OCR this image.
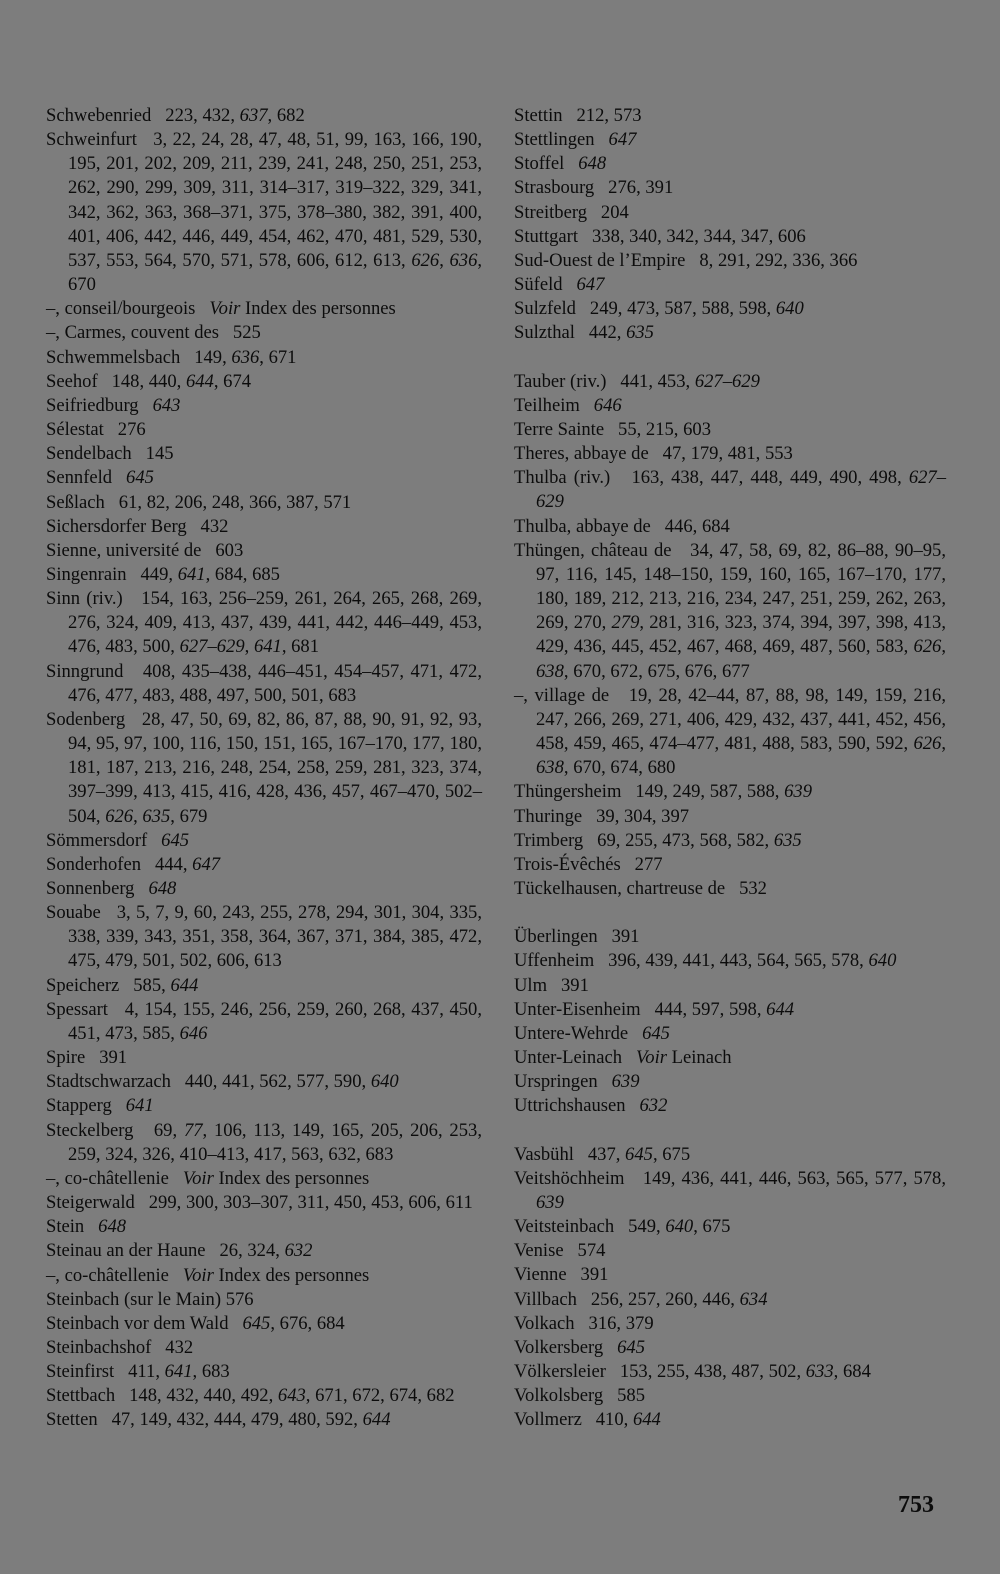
Schwebenried   223, 432, 637, 682
Schweinfurt   3, 22, 24, 28, 47, 48, 51, 99, 163, 166, 190, 195, 201, 202, 209, 211, 239, 241, 248, 250, 251, 253, 262, 290, 299, 309, 311, 314–317, 319–322, 329, 341, 342, 362, 363, 368–371, 375, 378–380, 382, 391, 400, 401, 406, 442, 446, 449, 454, 462, 470, 481, 529, 530, 537, 553, 564, 570, 571, 578, 606, 612, 613, 626, 636, 670
–, conseil/bourgeois   Voir Index des personnes
–, Carmes, couvent des   525
Schwemmelsbach   149, 636, 671
Seehof   148, 440, 644, 674
Seifriedburg   643
Sélestat   276
Sendelbach   145
Sennfeld   645
Seßlach   61, 82, 206, 248, 366, 387, 571
Sichersdorfer Berg   432
Sienne, université de   603
Singenrain   449, 641, 684, 685
Sinn (riv.)   154, 163, 256–259, 261, 264, 265, 268, 269, 276, 324, 409, 413, 437, 439, 441, 442, 446–449, 453, 476, 483, 500, 627–629, 641, 681
Sinngrund   408, 435–438, 446–451, 454–457, 471, 472, 476, 477, 483, 488, 497, 500, 501, 683
Sodenberg   28, 47, 50, 69, 82, 86, 87, 88, 90, 91, 92, 93, 94, 95, 97, 100, 116, 150, 151, 165, 167–170, 177, 180, 181, 187, 213, 216, 248, 254, 258, 259, 281, 323, 374, 397–399, 413, 415, 416, 428, 436, 457, 467–470, 502–504, 626, 635, 679
Sömmersdorf   645
Sonderhofen   444, 647
Sonnenberg   648
Souabe   3, 5, 7, 9, 60, 243, 255, 278, 294, 301, 304, 335, 338, 339, 343, 351, 358, 364, 367, 371, 384, 385, 472, 475, 479, 501, 502, 606, 613
Speicherz   585, 644
Spessart   4, 154, 155, 246, 256, 259, 260, 268, 437, 450, 451, 473, 585, 646
Spire   391
Stadtschwarzach   440, 441, 562, 577, 590, 640
Stapperg   641
Steckelberg   69, 77, 106, 113, 149, 165, 205, 206, 253, 259, 324, 326, 410–413, 417, 563, 632, 683
–, co-châtellenie   Voir Index des personnes
Steigerwald   299, 300, 303–307, 311, 450, 453, 606, 611
Stein   648
Steinau an der Haune   26, 324, 632
–, co-châtellenie   Voir Index des personnes
Steinbach (sur le Main) 576
Steinbach vor dem Wald   645, 676, 684
Steinbachshof   432
Steinfirst   411, 641, 683
Stettbach   148, 432, 440, 492, 643, 671, 672, 674, 682
Stetten   47, 149, 432, 444, 479, 480, 592, 644
Stettin   212, 573
Stettlingen   647
Stoffel   648
Strasbourg   276, 391
Streitberg   204
Stuttgart   338, 340, 342, 344, 347, 606
Sud-Ouest de l’Empire   8, 291, 292, 336, 366
Süfeld   647
Sulzfeld   249, 473, 587, 588, 598, 640
Sulzthal   442, 635
Tauber (riv.)   441, 453, 627–629
Teilheim   646
Terre Sainte   55, 215, 603
Theres, abbaye de   47, 179, 481, 553
Thulba (riv.)   163, 438, 447, 448, 449, 490, 498, 627–629
Thulba, abbaye de   446, 684
Thüngen, château de   34, 47, 58, 69, 82, 86–88, 90–95, 97, 116, 145, 148–150, 159, 160, 165, 167–170, 177, 180, 189, 212, 213, 216, 234, 247, 251, 259, 262, 263, 269, 270, 279, 281, 316, 323, 374, 394, 397, 398, 413, 429, 436, 445, 452, 467, 468, 469, 487, 560, 583, 626, 638, 670, 672, 675, 676, 677
–, village de   19, 28, 42–44, 87, 88, 98, 149, 159, 216, 247, 266, 269, 271, 406, 429, 432, 437, 441, 452, 456, 458, 459, 465, 474–477, 481, 488, 583, 590, 592, 626, 638, 670, 674, 680
Thüngersheim   149, 249, 587, 588, 639
Thuringe   39, 304, 397
Trimberg   69, 255, 473, 568, 582, 635
Trois-Évêchés   277
Tückelhausen, chartreuse de   532
Überlingen   391
Uffenheim   396, 439, 441, 443, 564, 565, 578, 640
Ulm   391
Unter-Eisenheim   444, 597, 598, 644
Untere-Wehrde   645
Unter-Leinach   Voir Leinach
Urspringen   639
Uttrichshausen   632
Vasbühl   437, 645, 675
Veitshöchheim   149, 436, 441, 446, 563, 565, 577, 578, 639
Veitsteinbach   549, 640, 675
Venise   574
Vienne   391
Villbach   256, 257, 260, 446, 634
Volkach   316, 379
Volkersberg   645
Völkersleier   153, 255, 438, 487, 502, 633, 684
Volkolsberg   585
Vollmerz   410, 644
753
